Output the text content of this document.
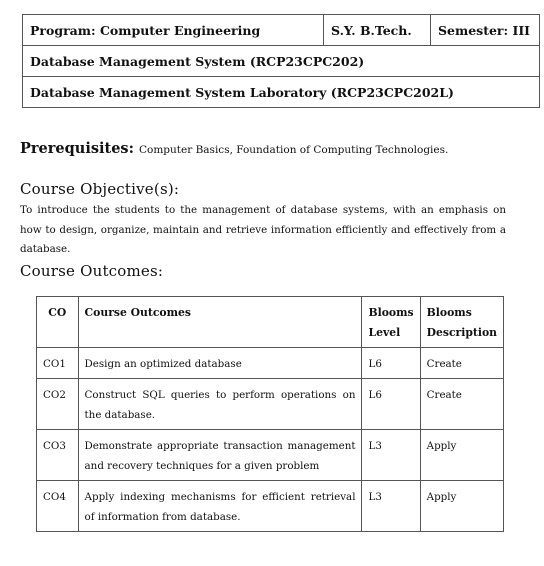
Program: Computer Engineering	S.Y. B.Tech.	Semester: III
Database Management System (RCP23CPC202)
Database Management System Laboratory (RCP23CPC202L)

Prerequisites: Computer Basics, Foundation of Computing Technologies.

Course Objective(s):

To introduce the students to the management of database systems, with an emphasis on how to design, organize, maintain and retrieve information efficiently and effectively from a database.

Course Outcomes:
CO	Course Outcomes	Blooms Level	Blooms Description
CO1	Design an optimized database	L6	Create
CO2	Construct SQL queries to perform operations on the database.	L6	Create
CO3	Demonstrate appropriate transaction management and recovery techniques for a given problem	L3	Apply
CO4	Apply indexing mechanisms for efficient retrieval of information from database.	L3	Apply
